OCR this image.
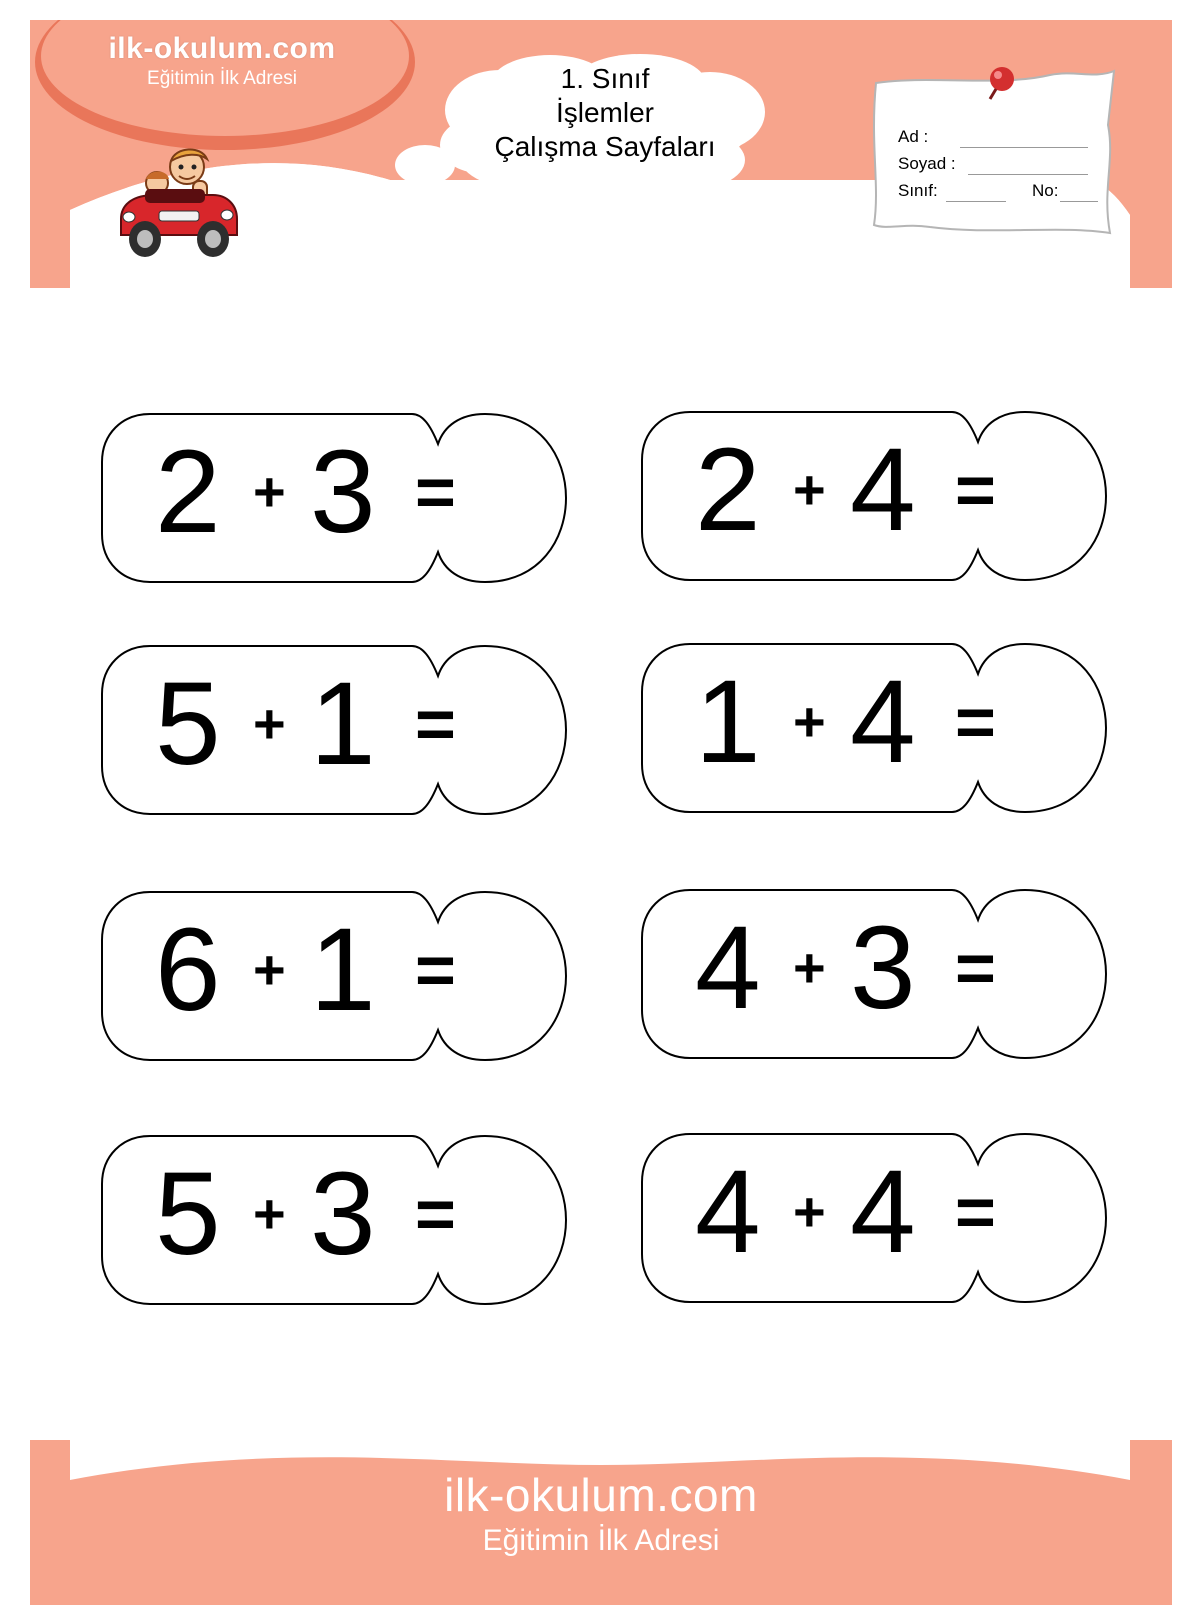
ilk-okulum.com
Eğitimin İlk Adresi	1. Sınıf
İşlemler
Çalışma Sayfaları	Ad :
Soyad :
Sınıf:	No:
2 + 3 = 2 + 4 =
5 + 1 = 1 + 4 =
6 + 1 = 4 + 3 =
5 + 3 = 4 + 4 =
ilk-okulum.com
Eğitimin İlk Adresi
